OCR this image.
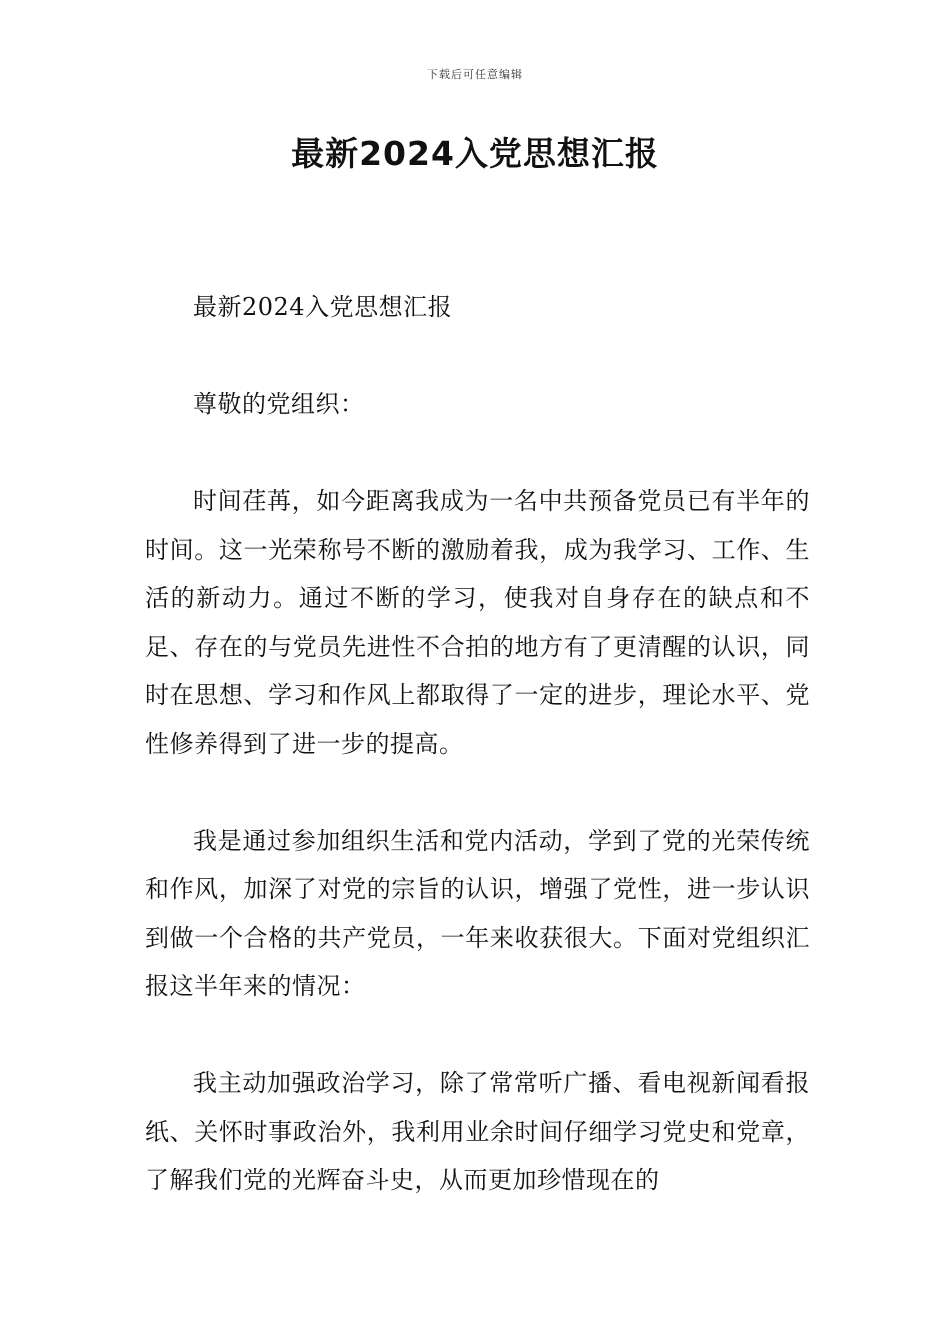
下载后可任意编辑
最新2024入党思想汇报

最新2024入党思想汇报

尊敬的党组织：

时间荏苒，如今距离我成为一名中共预备党员已有半年的时间。这一光荣称号不断的激励着我，成为我学习、工作、生活的新动力。通过不断的学习，使我对自身存在的缺点和不足、存在的与党员先进性不合拍的地方有了更清醒的认识，同时在思想、学习和作风上都取得了一定的进步，理论水平、党性修养得到了进一步的提高。

我是通过参加组织生活和党内活动，学到了党的光荣传统和作风，加深了对党的宗旨的认识，增强了党性，进一步认识到做一个合格的共产党员，一年来收获很大。下面对党组织汇报这半年来的情况：

我主动加强政治学习，除了常常听广播、看电视新闻看报纸、关怀时事政治外，我利用业余时间仔细学习党史和党章，了解我们党的光辉奋斗史，从而更加珍惜现在的
